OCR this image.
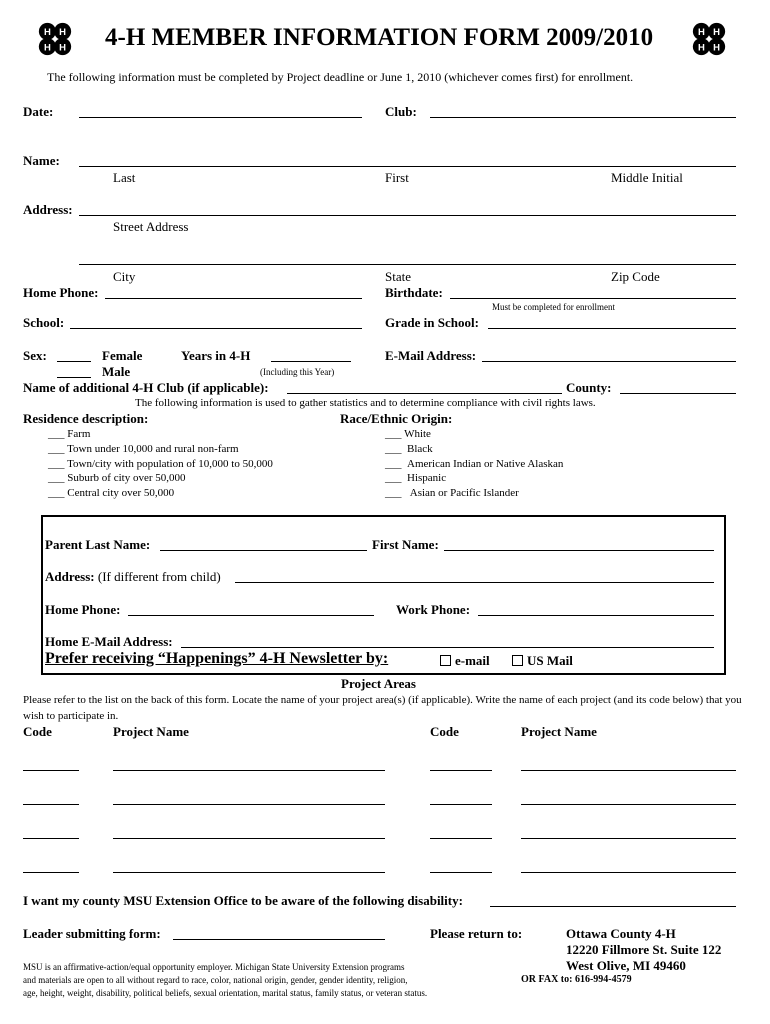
H H
H H
H H
H H
4-H MEMBER INFORMATION FORM 2009/2010
The following information must be completed by Project deadline or June 1, 2010 (whichever comes first) for enrollment.
Date:	Club:
Name:
Last	First	Middle Initial
Address:
Street Address
City	State	Zip Code
Home Phone:	Birthdate:
Must be completed for enrollment
School:	Grade in School:
Sex:	Female
Male
Years in 4-H
(Including this Year)
E-Mail Address:
Name of additional 4-H Club (if applicable):	County:
The following information is used to gather statistics and to determine compliance with civil rights laws.
Residence description:
___ Farm
___ Town under 10,000 and rural non-farm
___ Town/city with population of 10,000 to 50,000
___ Suburb of city over 50,000
___ Central city over 50,000
Race/Ethnic Origin:
___ White
___  Black
___  American Indian or Native Alaskan
___  Hispanic
___   Asian or Pacific Islander
Parent Last Name:	First Name:
Address: (If different from child)
Home Phone:	Work Phone:
Home E-Mail Address:
Prefer receiving “Happenings” 4-H Newsletter by:	e-mail	US Mail
Project Areas
Please refer to the list on the back of this form. Locate the name of your project area(s) (if applicable). Write the name of each project (and its code below) that you wish to participate in.
Code	Project Name	Code	Project Name
I want my county MSU Extension Office to be aware of the following disability:
Leader submitting form:	Please return to:	Ottawa County 4-H
12220 Fillmore St. Suite 122
West Olive, MI 49460
OR FAX to: 616-994-4579
MSU is an affirmative-action/equal opportunity employer. Michigan State University Extension programs
and materials are open to all without regard to race, color, national origin, gender, gender identity, religion,
age, height, weight, disability, political beliefs, sexual orientation, marital status, family status, or veteran status.
